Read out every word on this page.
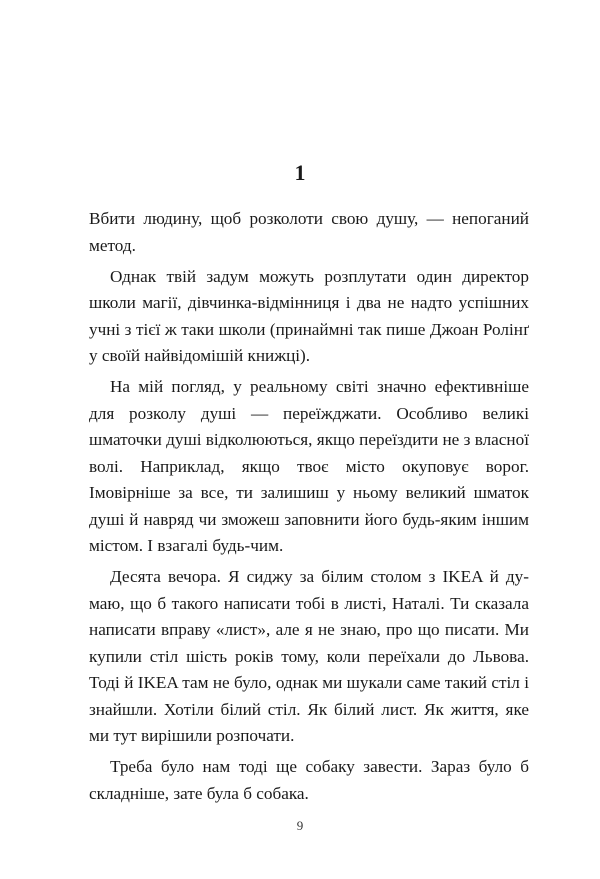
1

Вбити людину, щоб розколоти свою душу, — непоганий метод.

Однак твій задум можуть розплутати один директор школи магії, дівчинка-відмінниця і два не надто успішних учні з тієї ж таки школи (принаймні так пише Джоан Ролінґ у своїй найвідомішій книжці).

На мій погляд, у реальному світі значно ефективніше для розколу душі — переїжджати. Особливо великі шматочки душі відколюються, якщо переїздити не з власної волі. Наприклад, якщо твоє місто окуповує ворог. Імовірніше за все, ти залишиш у ньому великий шматок душі й навряд чи зможеш заповнити його будь-яким іншим містом. І взагалі будь-чим.

Десята вечора. Я сиджу за білим столом з IKEA й думаю, що б такого написати тобі в листі, Наталі. Ти сказала написати вправу «лист», але я не знаю, про що писати. Ми купили стіл шість років тому, коли переїхали до Львова. Тоді й IKEA там не було, однак ми шукали саме такий стіл і знайшли. Хотіли білий стіл. Як білий лист. Як життя, яке ми тут вирішили розпочати.

Треба було нам тоді ще собаку завести. Зараз було б складніше, зате була б собака.

9
